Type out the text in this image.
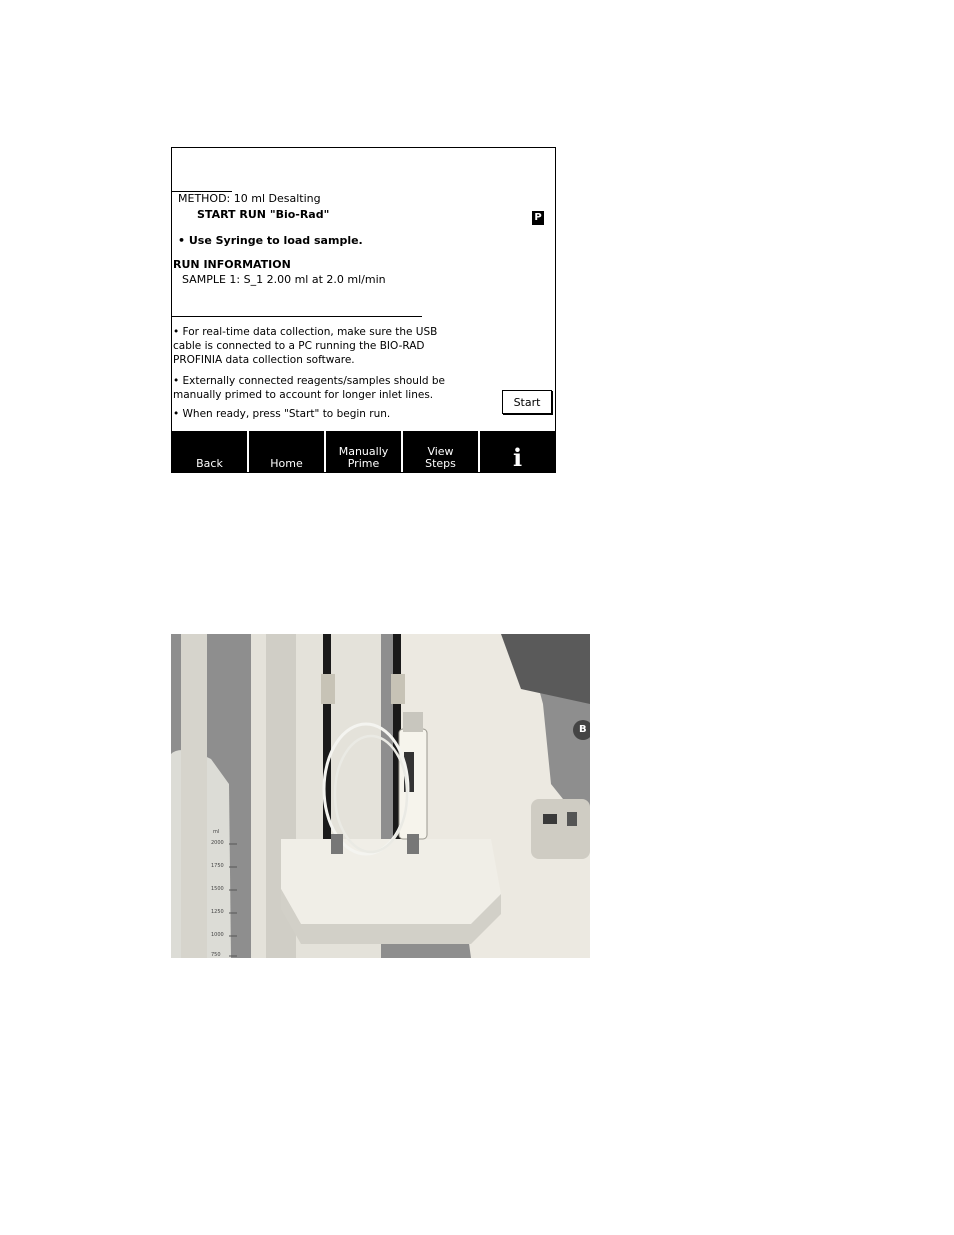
METHOD: 10 ml Desalting
START RUN "Bio-Rad"	P
• Use Syringe to load sample.
RUN INFORMATION
SAMPLE 1: S_1 2.00 ml at 2.0 ml/min
• For real-time data collection, make sure the USB
cable is connected to a PC running the BIO-RAD
PROFINIA data collection software.
• Externally connected reagents/samples should be
manually primed to account for longer inlet lines.
• When ready, press "Start" to begin run.
Start
Back	Home
Manually
Prime
View
Steps i
ml
2000
1750
1500
1250
1000
750
B
